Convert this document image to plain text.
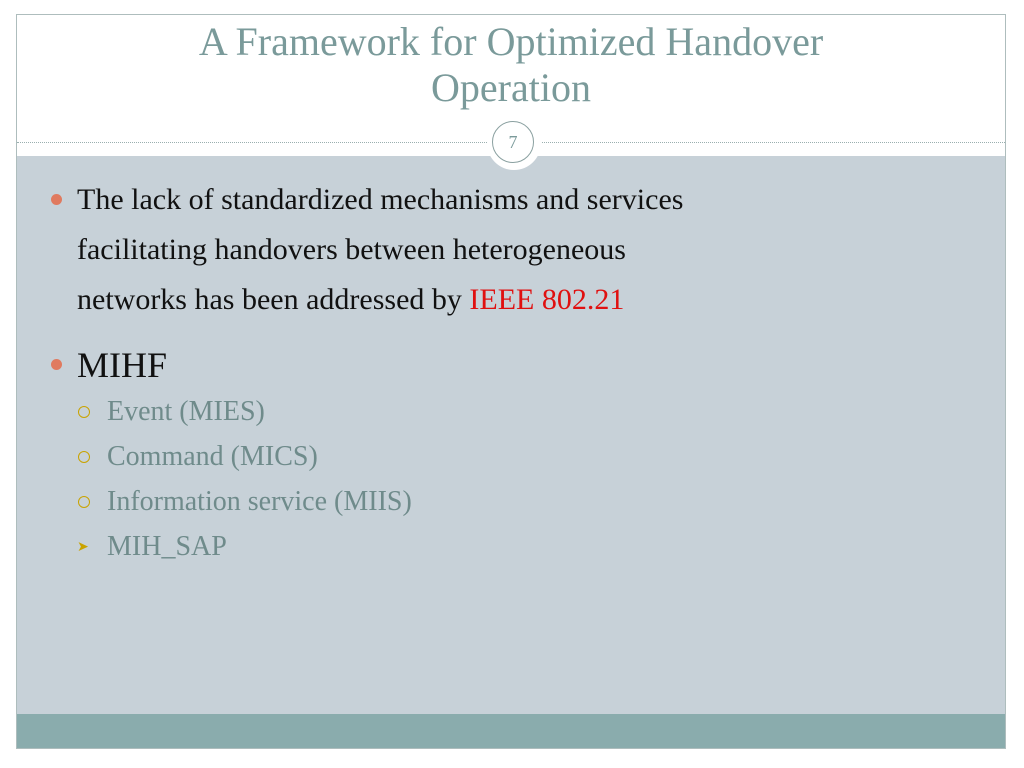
A Framework for Optimized Handover
Operation
The lack of standardized mechanisms and services
facilitating handovers between heterogeneous
networks has been addressed by IEEE 802.21
MIHF
Event (MIES)
Command (MICS)
Information service (MIIS)
➤ MIH_SAP
7
